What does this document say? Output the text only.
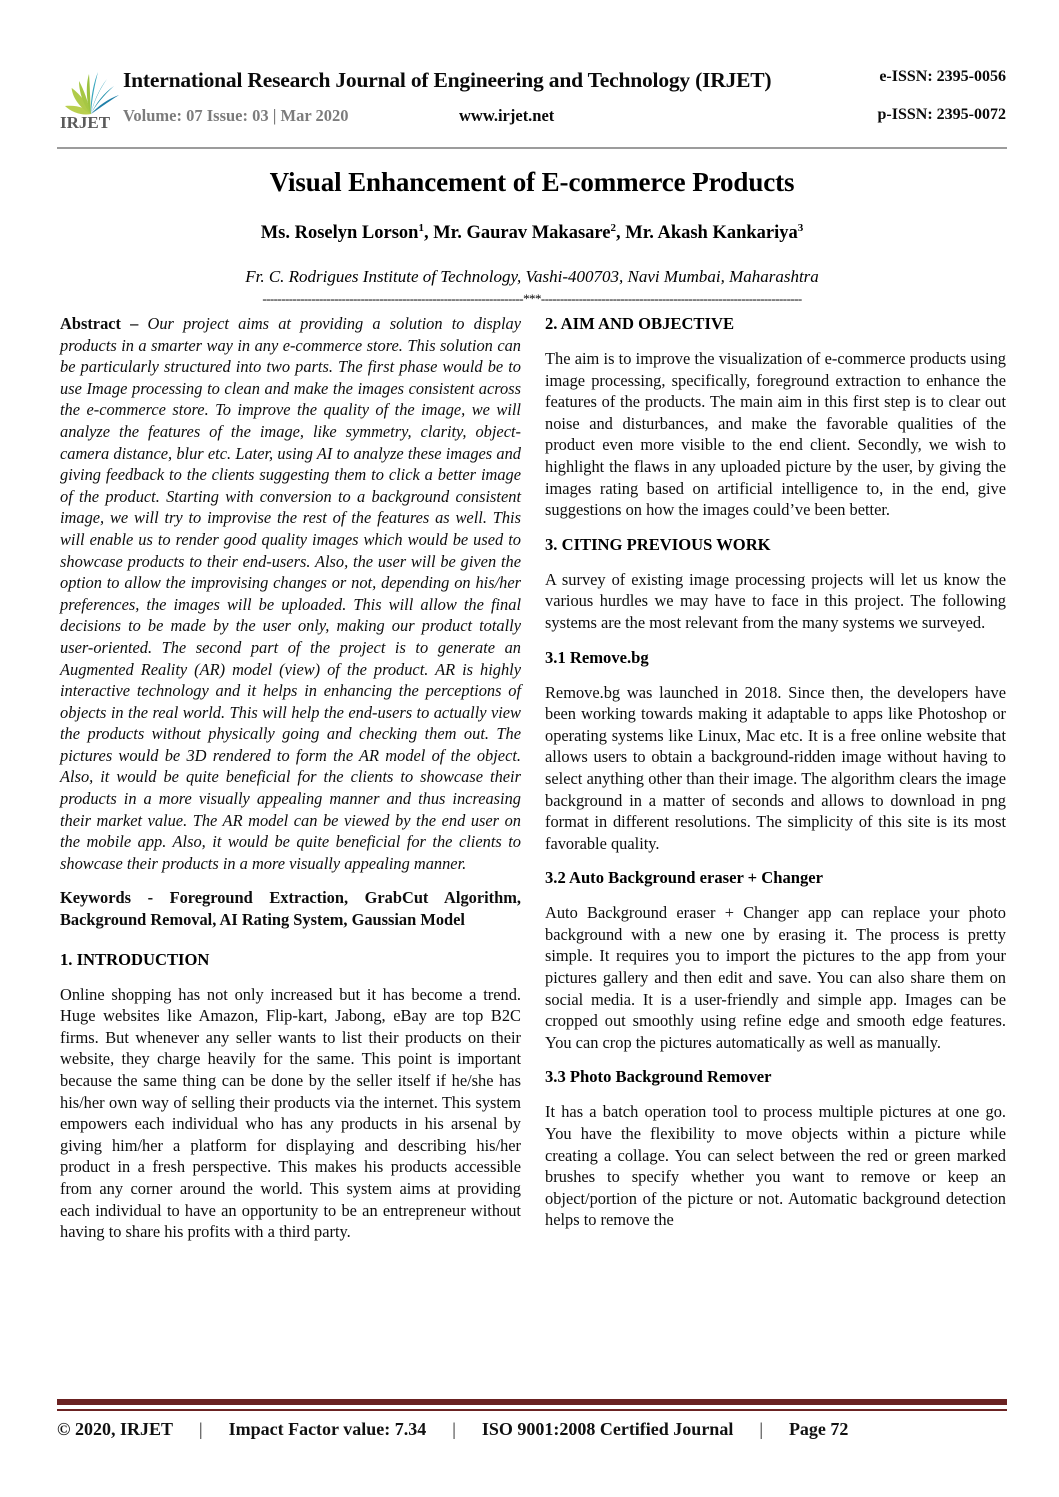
IRJET
International Research Journal of Engineering and Technology (IRJET)
Volume: 07 Issue: 03 | Mar 2020	www.irjet.net
e-ISSN: 2395-0056
p-ISSN: 2395-0072
Visual Enhancement of E-commerce Products
Ms. Roselyn Lorson$^1$, Mr. Gaurav Makasare$^2$, Mr. Akash Kankariya$^3$
Fr. C. Rodrigues Institute of Technology, Vashi-400703, Navi Mumbai, Maharashtra
---------------------------------------------------------------------***---------------------------------------------------------------------

Abstract – Our project aims at providing a solution to display products in a smarter way in any e-commerce store. This solution can be particularly structured into two parts. The first phase would be to use Image processing to clean and make the images consistent across the e-commerce store. To improve the quality of the image, we will analyze the features of the image, like symmetry, clarity, object-camera distance, blur etc. Later, using AI to analyze these images and giving feedback to the clients suggesting them to click a better image of the product. Starting with conversion to a background consistent image, we will try to improvise the rest of the features as well. This will enable us to render good quality images which would be used to showcase products to their end-users. Also, the user will be given the option to allow the improvising changes or not, depending on his/her preferences, the images will be uploaded. This will allow the final decisions to be made by the user only, making our product totally user-oriented. The second part of the project is to generate an Augmented Reality (AR) model (view) of the product. AR is highly interactive technology and it helps in enhancing the perceptions of objects in the real world. This will help the end-users to actually view the products without physically going and checking them out. The pictures would be 3D rendered to form the AR model of the object. Also, it would be quite beneficial for the clients to showcase their products in a more visually appealing manner and thus increasing their market value. The AR model can be viewed by the end user on the mobile app. Also, it would be quite beneficial for the clients to showcase their products in a more visually appealing manner.

Keywords - Foreground Extraction, GrabCut Algorithm, Background Removal, AI Rating System, Gaussian Model

1. INTRODUCTION

Online shopping has not only increased but it has become a trend. Huge websites like Amazon, Flip-kart, Jabong, eBay are top B2C firms. But whenever any seller wants to list their products on their website, they charge heavily for the same. This point is important because the same thing can be done by the seller itself if he/she has his/her own way of selling their products via the internet. This system empowers each individual who has any products in his arsenal by giving him/her a platform for displaying and describing his/her product in a fresh perspective. This makes his products accessible from any corner around the world. This system aims at providing each individual to have an opportunity to be an entrepreneur without having to share his profits with a third party.

2. AIM AND OBJECTIVE

The aim is to improve the visualization of e-commerce products using image processing, specifically, foreground extraction to enhance the features of the products. The main aim in this first step is to clear out noise and disturbances, and make the favorable qualities of the product even more visible to the end client. Secondly, we wish to highlight the flaws in any uploaded picture by the user, by giving the images rating based on artificial intelligence to, in the end, give suggestions on how the images could’ve been better.

3. CITING PREVIOUS WORK

A survey of existing image processing projects will let us know the various hurdles we may have to face in this project. The following systems are the most relevant from the many systems we surveyed.

3.1 Remove.bg

Remove.bg was launched in 2018. Since then, the developers have been working towards making it adaptable to apps like Photoshop or operating systems like Linux, Mac etc. It is a free online website that allows users to obtain a background-ridden image without having to select anything other than their image. The algorithm clears the image background in a matter of seconds and allows to download in png format in different resolutions. The simplicity of this site is its most favorable quality.

3.2 Auto Background eraser + Changer

Auto Background eraser + Changer app can replace your photo background with a new one by erasing it. The process is pretty simple. It requires you to import the pictures to the app from your pictures gallery and then edit and save. You can also share them on social media. It is a user-friendly and simple app. Images can be cropped out smoothly using refine edge and smooth edge features. You can crop the pictures automatically as well as manually.

3.3 Photo Background Remover

It has a batch operation tool to process multiple pictures at one go. You have the flexibility to move objects within a picture while creating a collage. You can select between the red or green marked brushes to specify whether you want to remove or keep an object/portion of the picture or not. Automatic background detection helps to remove the

© 2020, IRJET	|	Impact Factor value: 7.34	|	ISO 9001:2008 Certified Journal	|	Page 72
